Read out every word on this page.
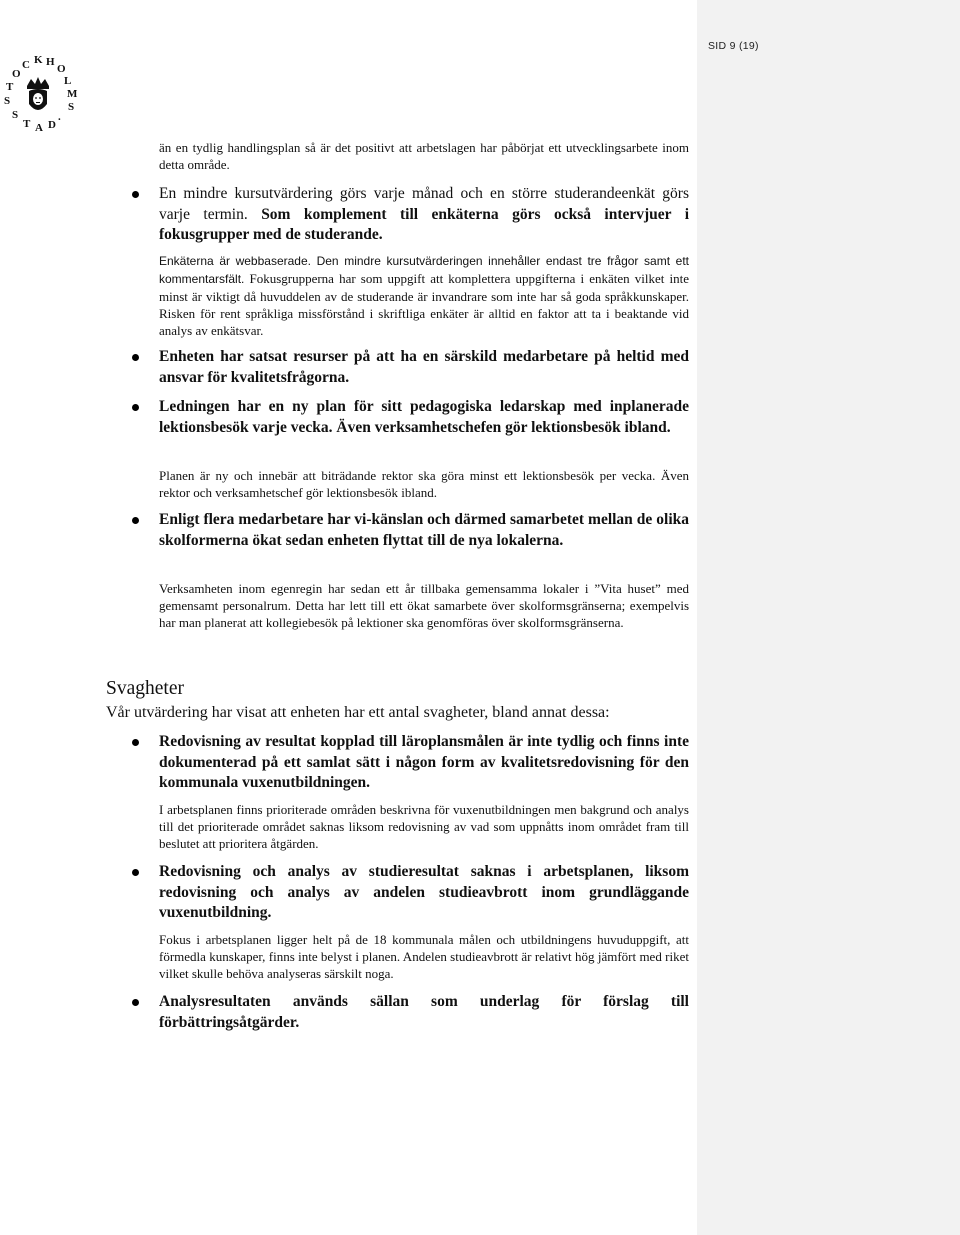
SID 9 (19)
S
T
O
C K H
O
L
M
S
S
T A D
.

än en tydlig handlingsplan så är det positivt att arbetslagen har påbörjat ett utvecklingsarbete inom detta område.

En mindre kursutvärdering görs varje månad och en större studerandeenkät görs varje termin. Som komplement till enkäterna görs också intervjuer i fokusgrupper med de studerande.

Enkäterna är webbaserade. Den mindre kursutvärderingen innehåller endast tre frågor samt ett kommentarsfält. Fokusgrupperna har som uppgift att komplettera uppgifterna i enkäten vilket inte minst är viktigt då huvuddelen av de studerande är invandrare som inte har så goda språkkunskaper. Risken för rent språkliga missförstånd i skriftliga enkäter är alltid en faktor att ta i beaktande vid analys av enkätsvar.

Enheten har satsat resurser på att ha en särskild medarbetare på heltid med ansvar för kvalitetsfrågorna.

Ledningen har en ny plan för sitt pedagogiska ledarskap med inplanerade lektionsbesök varje vecka. Även verksamhetschefen gör lektionsbesök ibland.

Planen är ny och innebär att biträdande rektor ska göra minst ett lektionsbesök per vecka. Även rektor och verksamhetschef gör lektionsbesök ibland.

Enligt flera medarbetare har vi-känslan och därmed samarbetet mellan de olika skolformerna ökat sedan enheten flyttat till de nya lokalerna.

Verksamheten inom egenregin har sedan ett år tillbaka gemensamma lokaler i ”Vita huset” med gemensamt personalrum. Detta har lett till ett ökat samarbete över skolformsgränserna; exempelvis har man planerat att kollegiebesök på lektioner ska genomföras över skolformsgränserna.

Svagheter

Vår utvärdering har visat att enheten har ett antal svagheter, bland annat dessa:

Redovisning av resultat kopplad till läroplansmålen är inte tydlig och finns inte dokumenterad på ett samlat sätt i någon form av kvalitetsredovisning för den kommunala vuxenutbildningen.

I arbetsplanen finns prioriterade områden beskrivna för vuxenutbildningen men bakgrund och analys till det prioriterade området saknas liksom redovisning av vad som uppnåtts inom området fram till beslutet att prioritera åtgärden.

Redovisning och analys av studieresultat saknas i arbetsplanen, liksom redovisning och analys av andelen studieavbrott inom grundläggande vuxenutbildning.

Fokus i arbetsplanen ligger helt på de 18 kommunala målen och utbildningens huvuduppgift, att förmedla kunskaper, finns inte belyst i planen. Andelen studieavbrott är relativt hög jämfört med riket vilket skulle behöva analyseras särskilt noga.

Analysresultaten används sällan som underlag för förslag till förbättringsåtgärder.
